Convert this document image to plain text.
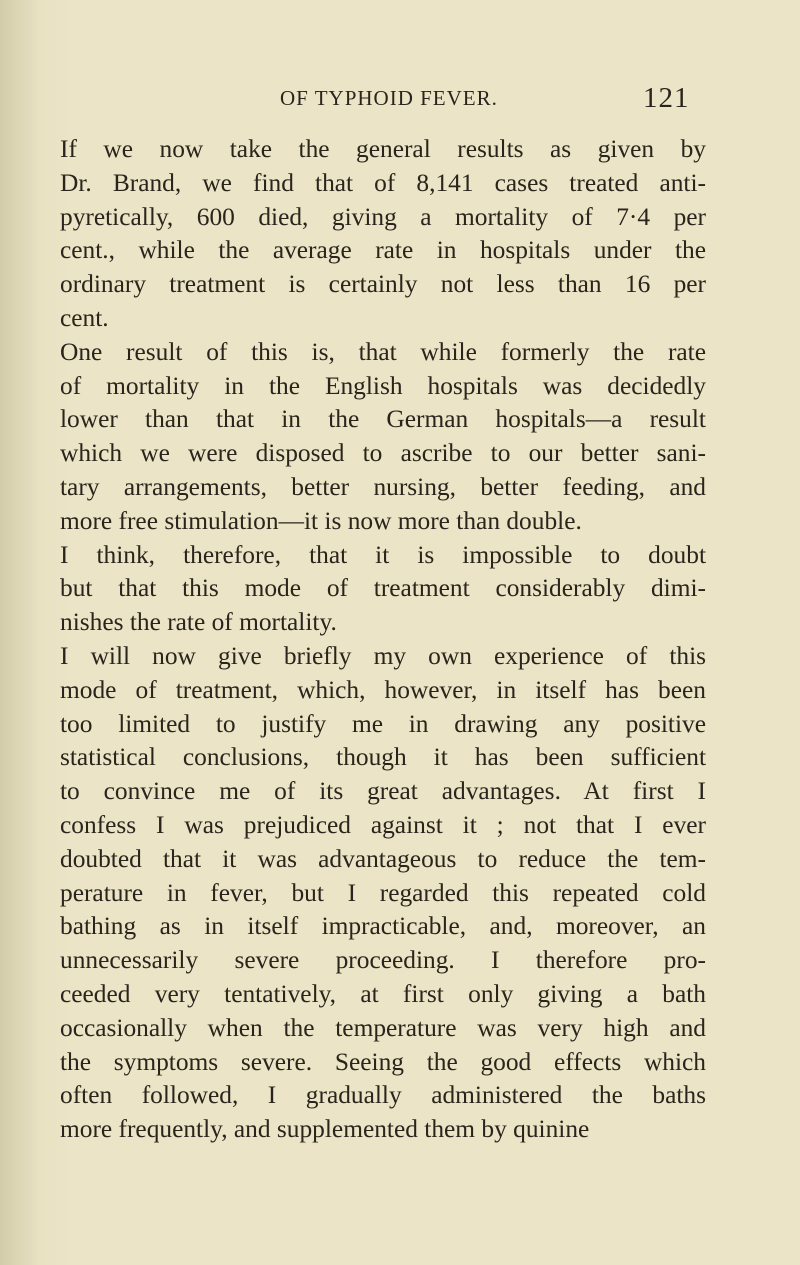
OF TYPHOID FEVER.	121
If we now take the general results as given by
Dr. Brand, we find that of 8,141 cases treated anti-
pyretically, 600 died, giving a mortality of 7·4 per
cent., while the average rate in hospitals under the
ordinary treatment is certainly not less than 16 per
cent.
One result of this is, that while formerly the rate
of mortality in the English hospitals was decidedly
lower than that in the German hospitals—a result
which we were disposed to ascribe to our better sani-
tary arrangements, better nursing, better feeding, and
more free stimulation—it is now more than double.
I think, therefore, that it is impossible to doubt
but that this mode of treatment considerably dimi-
nishes the rate of mortality.
I will now give briefly my own experience of this
mode of treatment, which, however, in itself has been
too limited to justify me in drawing any positive
statistical conclusions, though it has been sufficient
to convince me of its great advantages. At first I
confess I was prejudiced against it ; not that I ever
doubted that it was advantageous to reduce the tem-
perature in fever, but I regarded this repeated cold
bathing as in itself impracticable, and, moreover, an
unnecessarily severe proceeding. I therefore pro-
ceeded very tentatively, at first only giving a bath
occasionally when the temperature was very high and
the symptoms severe. Seeing the good effects which
often followed, I gradually administered the baths
more frequently, and supplemented them by quinine
